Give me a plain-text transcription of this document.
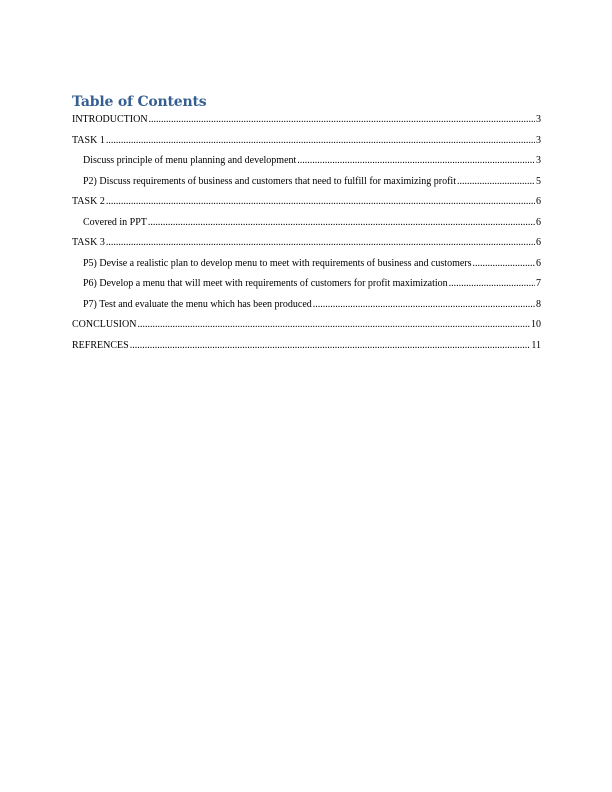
Table of Contents
INTRODUCTION .....	3
TASK 1 .....	3
Discuss principle of menu planning and development .....	3
P2) Discuss requirements of business and customers that need to fulfill for maximizing profit .....	5
TASK 2 .....	6
Covered in PPT .....	6
TASK 3 .....	6
P5) Devise a realistic plan to develop menu to meet with requirements of business and customers .....	6
P6) Develop a menu that will meet with requirements of customers for profit maximization .....	7
P7) Test and evaluate the menu which has been produced .....	8
CONCLUSION .....	10
REFRENCES .....	11
